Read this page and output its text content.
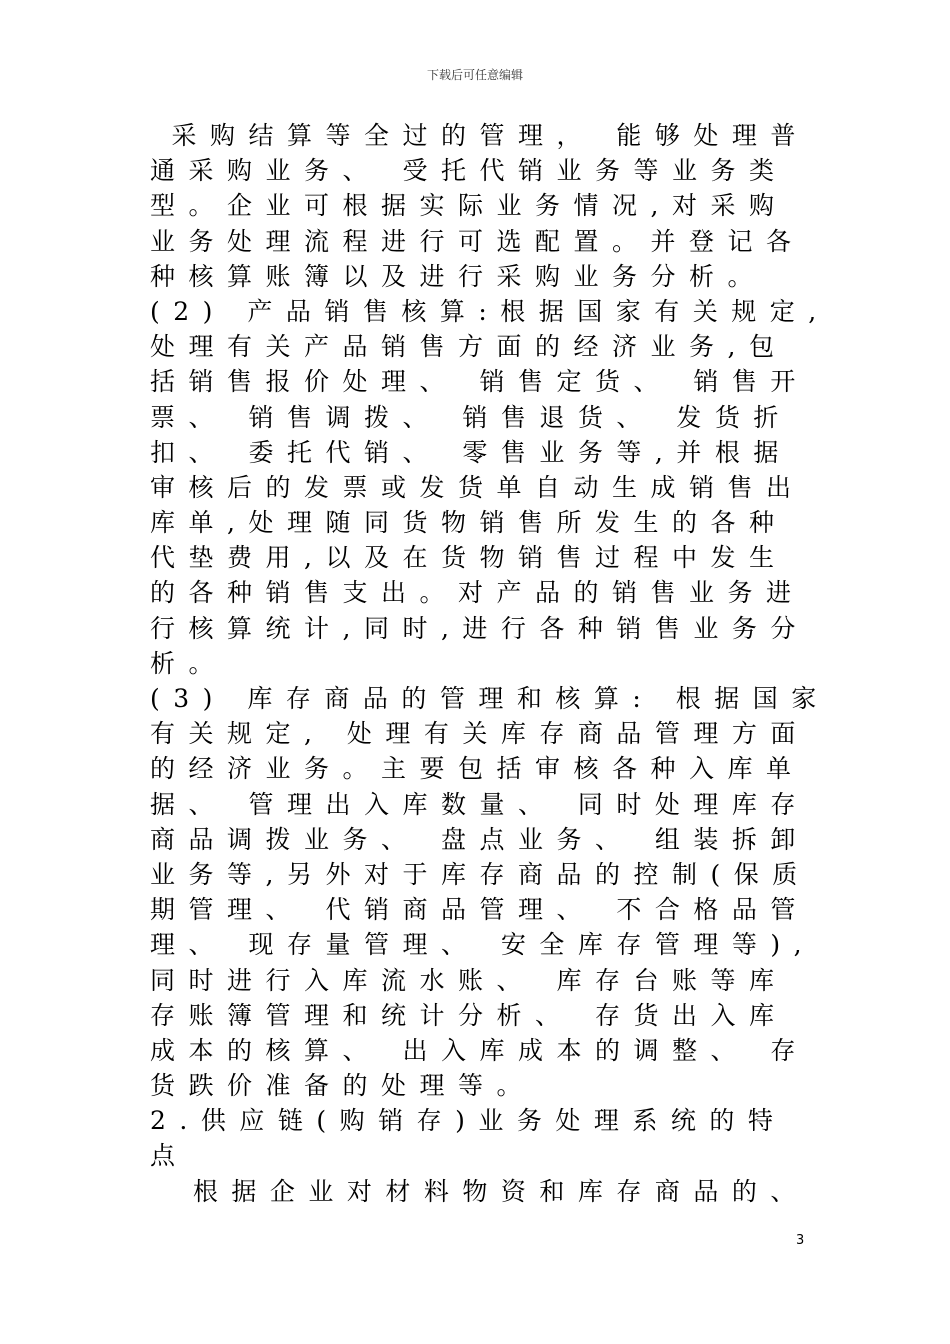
下载后可任意编辑
采购结算等全过的管理， 能够处理普
通采购业务、 受托代销业务等业务类
型。企业可根据实际业务情况,对采购
业务处理流程进行可选配置。并登记各
种核算账簿以及进行采购业务分析。
(2) 产品销售核算:根据国家有关规定,
处理有关产品销售方面的经济业务,包
括销售报价处理、 销售定货、 销售开
票、 销售调拨、 销售退货、 发货折
扣、 委托代销、 零售业务等,并根据
审核后的发票或发货单自动生成销售出
库单,处理随同货物销售所发生的各种
代垫费用,以及在货物销售过程中发生
的各种销售支出。对产品的销售业务进
行核算统计,同时,进行各种销售业务分
析。
(3) 库存商品的管理和核算: 根据国家
有关规定, 处理有关库存商品管理方面
的经济业务。主要包括审核各种入库单
据、 管理出入库数量、 同时处理库存
商品调拨业务、 盘点业务、 组装拆卸
业务等,另外对于库存商品的控制(保质
期管理、 代销商品管理、 不合格品管
理、 现存量管理、 安全库存管理等),
同时进行入库流水账、 库存台账等库
存账簿管理和统计分析、 存货出入库
成本的核算、 出入库成本的调整、 存
货跌价准备的处理等。
2.供应链(购销存)业务处理系统的特
点
根据企业对材料物资和库存商品的、
3
